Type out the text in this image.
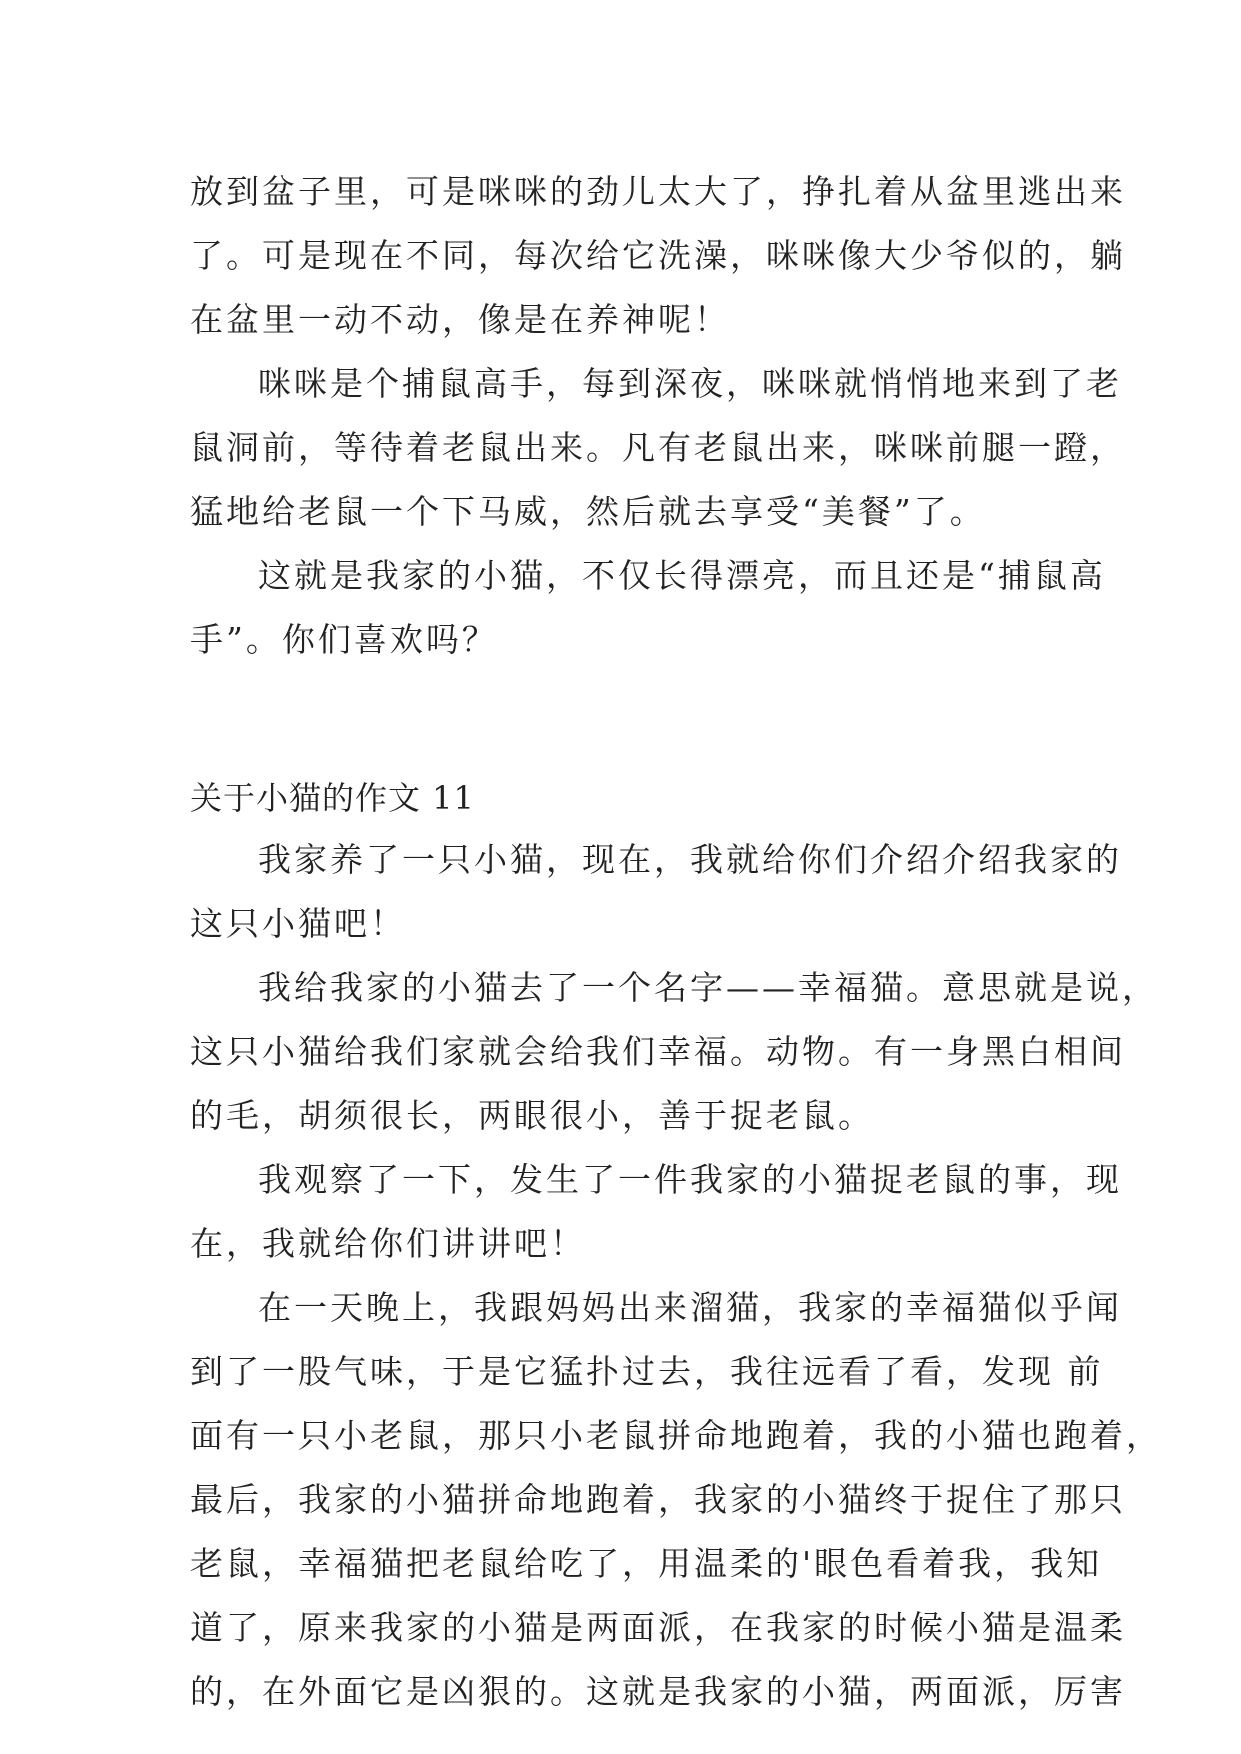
放到盆子里，可是咪咪的劲儿太大了，挣扎着从盆里逃出来
了。可是现在不同，每次给它洗澡，咪咪像大少爷似的，躺
在盆里一动不动，像是在养神呢！
咪咪是个捕鼠高手，每到深夜，咪咪就悄悄地来到了老
鼠洞前，等待着老鼠出来。凡有老鼠出来，咪咪前腿一蹬，
猛地给老鼠一个下马威，然后就去享受“美餐”了。
这就是我家的小猫，不仅长得漂亮，而且还是“捕鼠高
手”。你们喜欢吗？
关于小猫的作文 11
我家养了一只小猫，现在，我就给你们介绍介绍我家的
这只小猫吧！
我给我家的小猫去了一个名字——幸福猫。意思就是说，
这只小猫给我们家就会给我们幸福。动物。有一身黑白相间
的毛，胡须很长，两眼很小，善于捉老鼠。
我观察了一下，发生了一件我家的小猫捉老鼠的事，现
在，我就给你们讲讲吧！
在一天晚上，我跟妈妈出来溜猫，我家的幸福猫似乎闻
到了一股气味，于是它猛扑过去，我往远看了看，发现 前
面有一只小老鼠，那只小老鼠拼命地跑着，我的小猫也跑着，
最后，我家的小猫拼命地跑着，我家的小猫终于捉住了那只
老鼠，幸福猫把老鼠给吃了，用温柔的'眼色看着我，我知
道了，原来我家的小猫是两面派，在我家的时候小猫是温柔
的，在外面它是凶狠的。这就是我家的小猫，两面派，厉害
